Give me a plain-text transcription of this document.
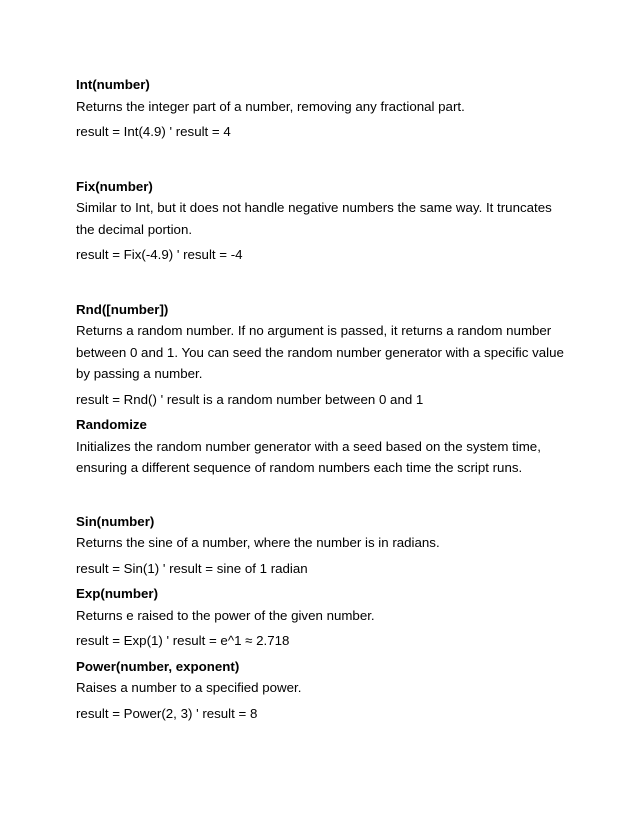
Int(number)

Returns the integer part of a number, removing any fractional part.

result = Int(4.9) ' result = 4

Fix(number)

Similar to Int, but it does not handle negative numbers the same way. It truncates the decimal portion.

result = Fix(-4.9) ' result = -4

Rnd([number])

Returns a random number. If no argument is passed, it returns a random number between 0 and 1. You can seed the random number generator with a specific value by passing a number.

result = Rnd() ' result is a random number between 0 and 1

Randomize

Initializes the random number generator with a seed based on the system time, ensuring a different sequence of random numbers each time the script runs.

Sin(number)

Returns the sine of a number, where the number is in radians.

result = Sin(1) ' result = sine of 1 radian

Exp(number)

Returns e raised to the power of the given number.

result = Exp(1) ' result = e^1 ≈ 2.718

Power(number, exponent)

Raises a number to a specified power.

result = Power(2, 3) ' result = 8
